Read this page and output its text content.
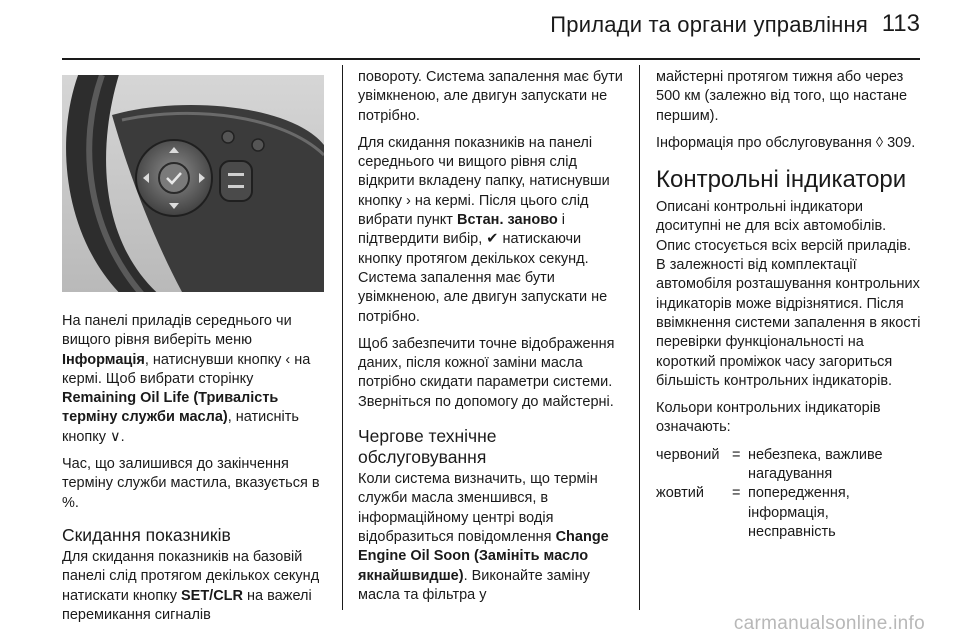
Прилади та органи управління 113

На панелі приладів середнього чи вищого рівня виберіть меню Інформація, натиснувши кнопку ‹ на кермі. Щоб вибрати сторінку Remaining Oil Life (Тривалість терміну служби масла), натисніть кнопку ∨.

Час, що залишився до закінчення терміну служби мастила, вказується в %.

Скидання показників

Для скидання показників на базовій панелі слід протягом декількох секунд натискати кнопку SET/CLR на важелі перемикання сигналів

повороту. Система запалення має бути увімкненою, але двигун запускати не потрібно.

Для скидання показників на панелі середнього чи вищого рівня слід відкрити вкладену папку, натиснувши кнопку › на кермі. Після цього слід вибрати пункт Встан. заново і підтвердити вибір, ✔ натискаючи кнопку протягом декількох секунд. Система запалення має бути увімкненою, але двигун запускати не потрібно.

Щоб забезпечити точне відображення даних, після кожної заміни масла потрібно скидати параметри системи. Зверніться по допомогу до майстерні.

Чергове технічне обслуговування

Коли система визначить, що термін служби масла зменшився, в інформаційному центрі водія відобразиться повідомлення Change Engine Oil Soon (Замініть масло якнайшвидше). Виконайте заміну масла та фільтра у

майстерні протягом тижня або через 500 км (залежно від того, що настане першим).

Інформація про обслуговування ◊ 309.

Контрольні індикатори

Описані контрольні індикатори доситупні не для всіх автомобілів. Опис стосується всіх версій приладів. В залежності від комплектації автомобіля розташування контрольних індикаторів може відрізнятися. Після ввімкнення системи запалення в якості перевірки функціональності на короткий проміжок часу загориться більшість контрольних індикаторів.

Кольори контрольних індикаторів означають:

червоний = небезпека, важливе нагадування
жовтий	= попередження, інформація, несправність
carmanualsonline.info
